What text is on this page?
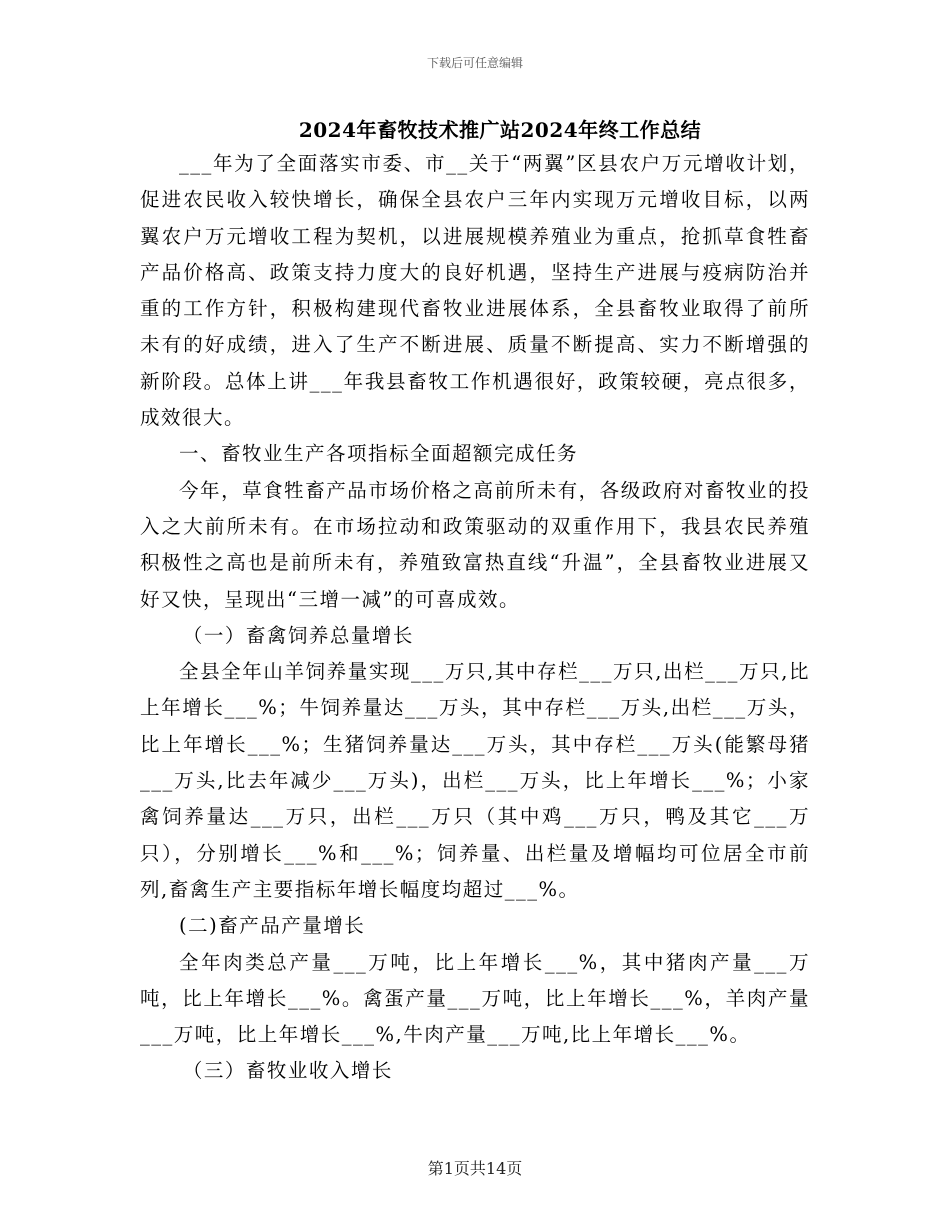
下载后可任意编辑
2024年畜牧技术推广站2024年终工作总结

___年为了全面落实市委、市__关于“两翼”区县农户万元增收计划，促进农民收入较快增长，确保全县农户三年内实现万元增收目标，以两翼农户万元增收工程为契机，以进展规模养殖业为重点，抢抓草食牲畜产品价格高、政策支持力度大的良好机遇，坚持生产进展与疫病防治并重的工作方针，积极构建现代畜牧业进展体系，全县畜牧业取得了前所未有的好成绩，进入了生产不断进展、质量不断提高、实力不断增强的新阶段。总体上讲___年我县畜牧工作机遇很好，政策较硬，亮点很多，成效很大。

一、畜牧业生产各项指标全面超额完成任务

今年，草食牲畜产品市场价格之高前所未有，各级政府对畜牧业的投入之大前所未有。在市场拉动和政策驱动的双重作用下，我县农民养殖积极性之高也是前所未有，养殖致富热直线“升温”，全县畜牧业进展又好又快，呈现出“三增一减”的可喜成效。

（一）畜禽饲养总量增长

全县全年山羊饲养量实现___万只,其中存栏___万只,出栏___万只,比上年增长___%；牛饲养量达___万头，其中存栏___万头,出栏___万头，比上年增长___%；生猪饲养量达___万头，其中存栏___万头(能繁母猪___万头,比去年减少___万头)，出栏___万头，比上年增长___%；小家禽饲养量达___万只，出栏___万只（其中鸡___万只，鸭及其它___万只），分别增长___%和___%；饲养量、出栏量及增幅均可位居全市前列,畜禽生产主要指标年增长幅度均超过___%。

(二)畜产品产量增长

全年肉类总产量___万吨，比上年增长___%，其中猪肉产量___万吨，比上年增长___%。禽蛋产量___万吨，比上年增长___%，羊肉产量___万吨，比上年增长___%,牛肉产量___万吨,比上年增长___%。

（三）畜牧业收入增长

第1页共14页
